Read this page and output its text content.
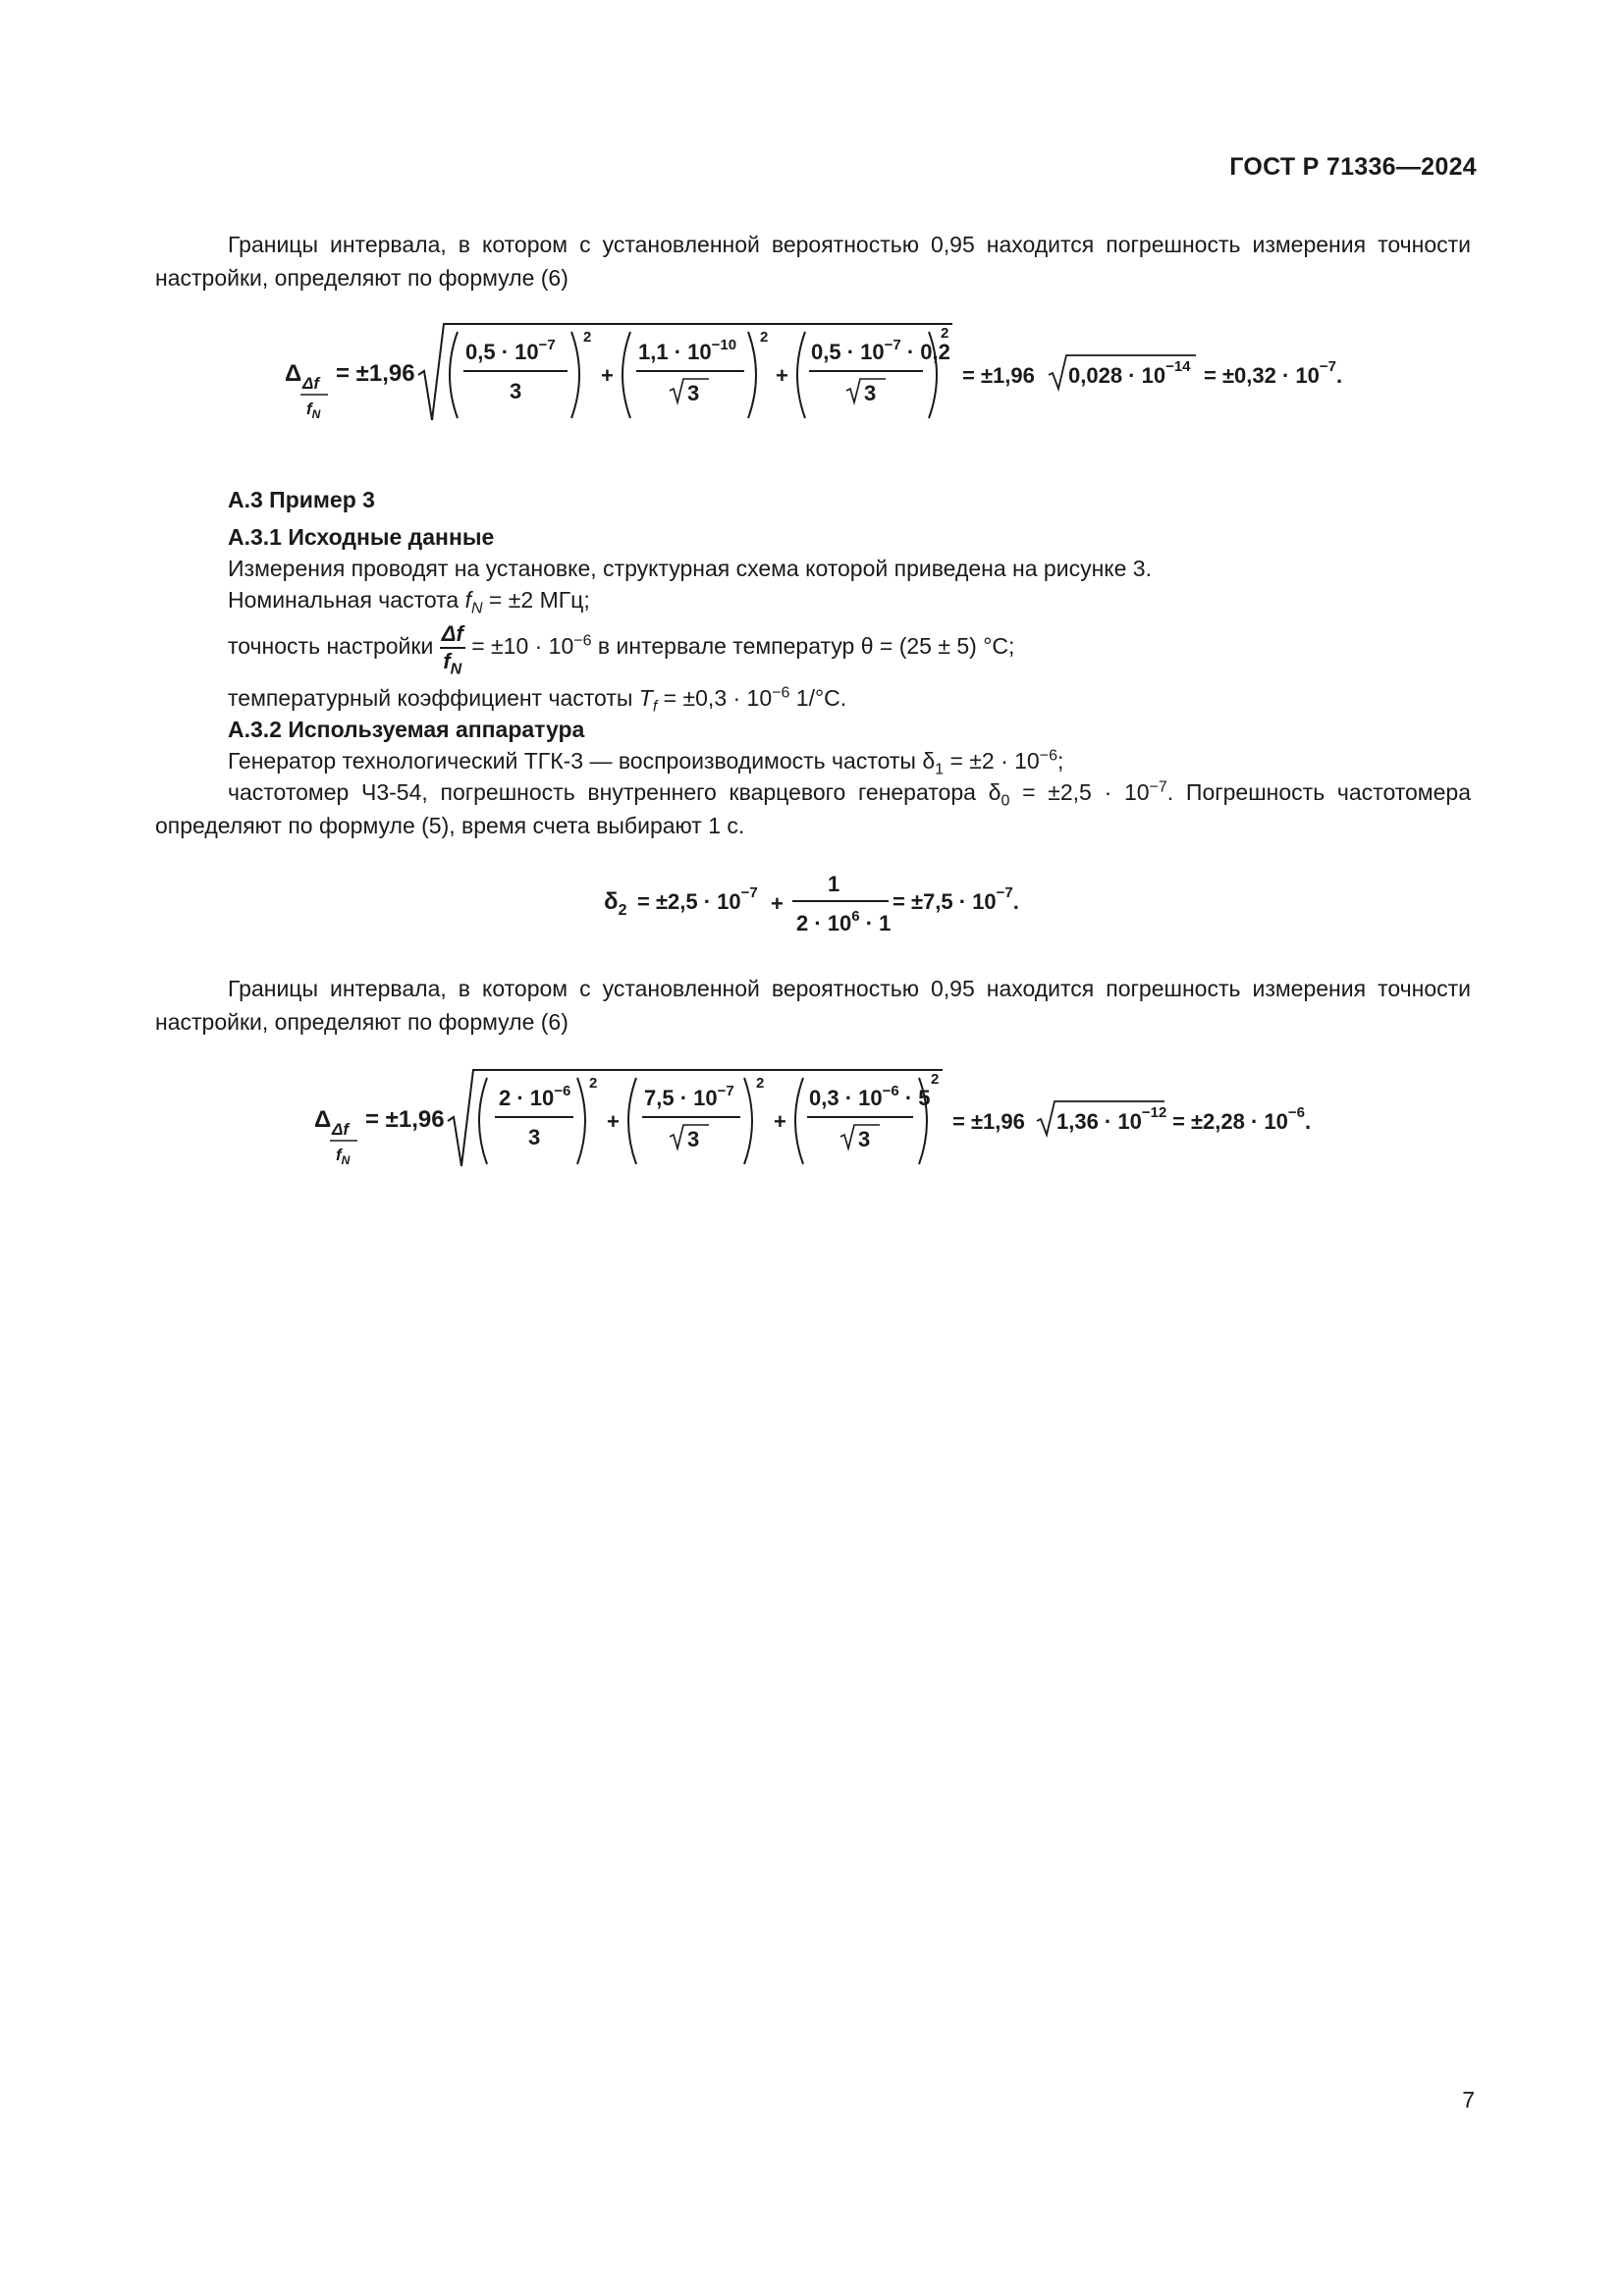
ГОСТ Р 71336—2024
Границы интервала, в котором с установленной вероятностью 0,95 находится погрешность измерения точности настройки, определяют по формуле (6)
Δ Δf
$f_N$
= ±1,96
$0,5 \cdot 10^{-7}$
3
2
+
$1,1 \cdot 10^{-10}$
3
2
+
$0,5 \cdot 10^{-7} \cdot 0,2$
3
2
= ±1,96 $0,028 \cdot 10^{-14} = \pm 0,32 \cdot 10^{-7}$.
А.3 Пример 3
А.3.1 Исходные данные
Измерения проводят на установке, структурная схема которой приведена на рисунке 3.
Номинальная частота $f_N = \pm 2$ МГц;
точность настройки $\frac{\Delta f}{f_N} = \pm 10 \cdot 10^{-6}$ в интервале температур θ = (25 ± 5) °С;
температурный коэффициент частоты $T_f = \pm 0,3 \cdot 10^{-6}$ 1/°С.
А.3.2 Используемая аппаратура
Генератор технологический ТГК-3 — воспроизводимость частоты $\delta_1 = \pm 2 \cdot 10^{-6}$;
частотомер Ч3-54, погрешность внутреннего кварцевого генератора $\delta_0 = \pm 2,5 \cdot 10^{-7}$. Погрешность частотомера определяют по формуле (5), время счета выбирают 1 с.
$\delta_2 = \pm 2,5 \cdot 10^{-7}$ +
1
$2 \cdot 10^6 \cdot 1$
= $\pm 7,5 \cdot 10^{-7}$.
Границы интервала, в котором с установленной вероятностью 0,95 находится погрешность измерения точности настройки, определяют по формуле (6)
Δ Δf
$f_N$
= ±1,96
$2 \cdot 10^{-6}$
3
2
+
$7,5 \cdot 10^{-7}$
3
2
+
$0,3 \cdot 10^{-6} \cdot 5$
3
2
= ±1,96 $1,36 \cdot 10^{-12} = \pm 2,28 \cdot 10^{-6}$.
7
